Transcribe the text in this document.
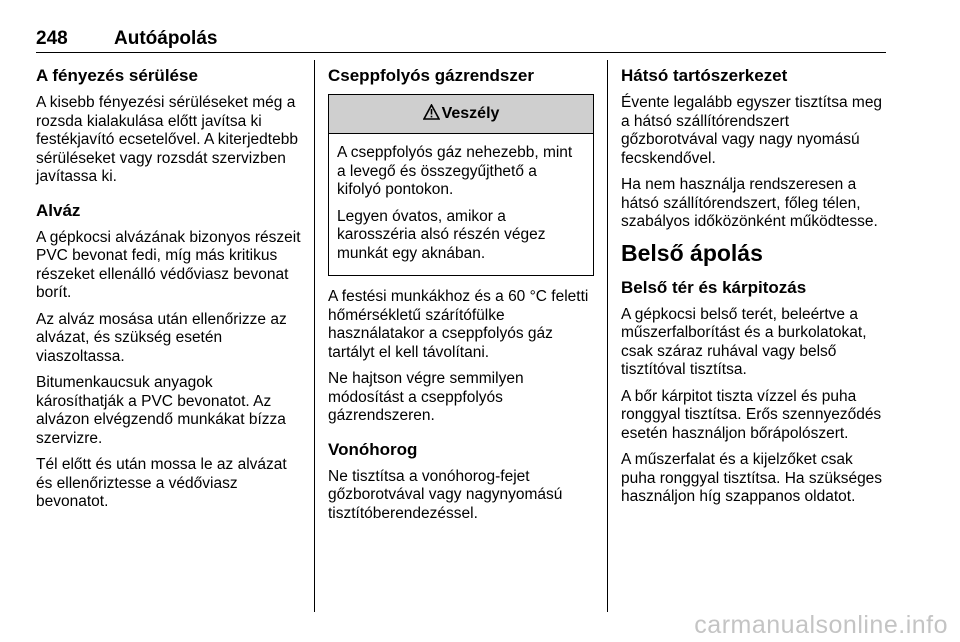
248 Autóápolás
A fényezés sérülése

A kisebb fényezési sérüléseket még a rozsda kialakulása előtt javítsa ki festékjavító ecsetelővel. A kiterjedtebb sérüléseket vagy rozsdát szervizben javítassa ki.

Alváz

A gépkocsi alvázának bizonyos részeit PVC bevonat fedi, míg más kritikus részeket ellenálló védőviasz bevonat borít.

Az alváz mosása után ellenőrizze az alvázat, és szükség esetén viaszoltassa.

Bitumenkaucsuk anyagok károsíthatják a PVC bevonatot. Az alvázon elvégzendő munkákat bízza szervizre.

Tél előtt és után mossa le az alvázat és ellenőriztesse a védőviasz bevonatot.

Cseppfolyós gázrendszer
Veszély

A cseppfolyós gáz nehezebb, mint a levegő és összegyűjthető a kifolyó pontokon.

Legyen óvatos, amikor a karosszéria alsó részén végez munkát egy aknában.

A festési munkákhoz és a 60 °C feletti hőmérsékletű szárítófülke használatakor a cseppfolyós gáz tartályt el kell távolítani.

Ne hajtson végre semmilyen módosítást a cseppfolyós gázrendszeren.

Vonóhorog

Ne tisztítsa a vonóhorog-fejet gőzborotvával vagy nagynyomású tisztítóberendezéssel.

Hátsó tartószerkezet

Évente legalább egyszer tisztítsa meg a hátsó szállítórendszert gőzborotvával vagy nagy nyomású fecskendővel.

Ha nem használja rendszeresen a hátsó szállítórendszert, főleg télen, szabályos időközönként működtesse.

Belső ápolás
Belső tér és kárpitozás

A gépkocsi belső terét, beleértve a műszerfalborítást és a burkolatokat, csak száraz ruhával vagy belső tisztítóval tisztítsa.

A bőr kárpitot tiszta vízzel és puha ronggyal tisztítsa. Erős szennyeződés esetén használjon bőrápolószert.

A műszerfalat és a kijelzőket csak puha ronggyal tisztítsa. Ha szükséges használjon híg szappanos oldatot.

carmanualsonline.info
